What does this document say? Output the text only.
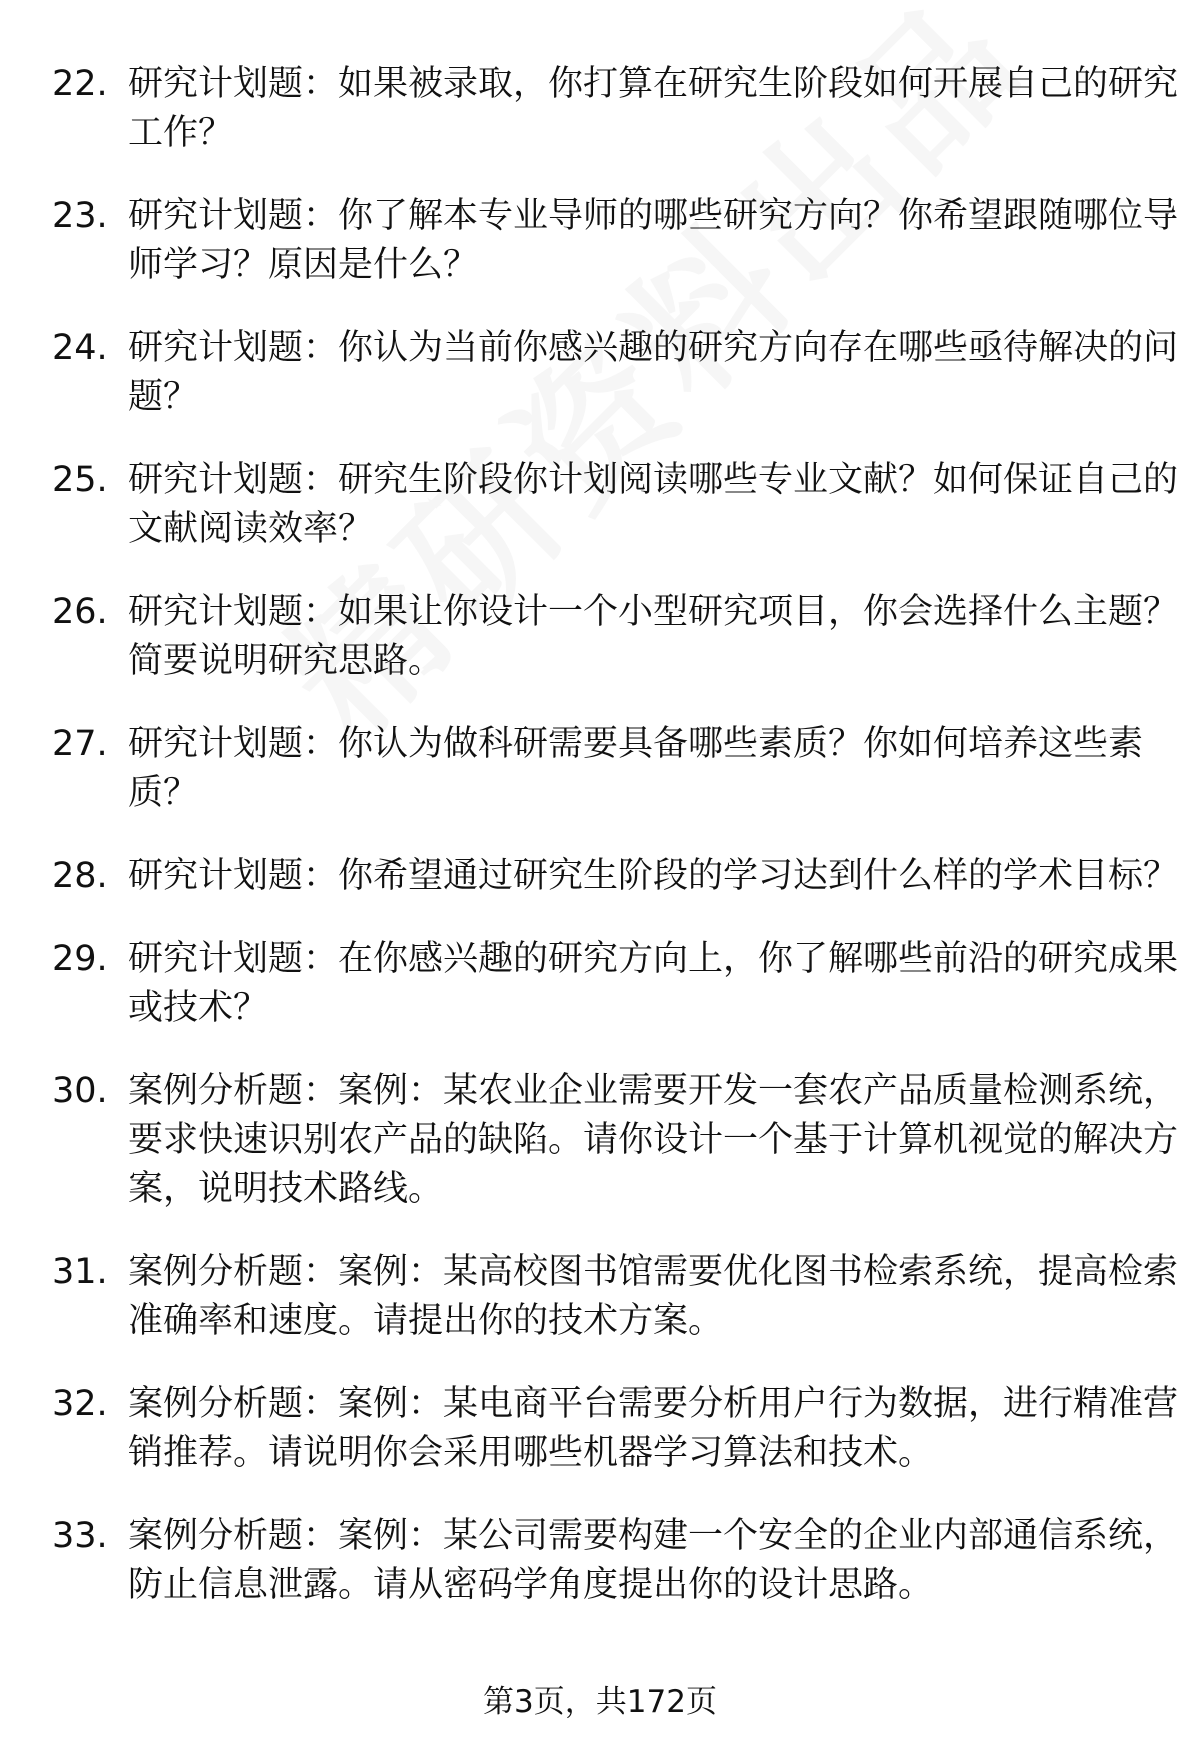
22. 研究计划题：如果被录取，你打算在研究生阶段如何开展自己的研究工作？
23. 研究计划题：你了解本专业导师的哪些研究方向？你希望跟随哪位导师学习？原因是什么？
24. 研究计划题：你认为当前你感兴趣的研究方向存在哪些亟待解决的问题？
25. 研究计划题：研究生阶段你计划阅读哪些专业文献？如何保证自己的文献阅读效率？
26. 研究计划题：如果让你设计一个小型研究项目，你会选择什么主题？简要说明研究思路。
27. 研究计划题：你认为做科研需要具备哪些素质？你如何培养这些素质？
28. 研究计划题：你希望通过研究生阶段的学习达到什么样的学术目标？
29. 研究计划题：在你感兴趣的研究方向上，你了解哪些前沿的研究成果或技术？
30. 案例分析题：案例：某农业企业需要开发一套农产品质量检测系统，要求快速识别农产品的缺陷。请你设计一个基于计算机视觉的解决方案，说明技术路线。
31. 案例分析题：案例：某高校图书馆需要优化图书检索系统，提高检索准确率和速度。请提出你的技术方案。
32. 案例分析题：案例：某电商平台需要分析用户行为数据，进行精准营销推荐。请说明你会采用哪些机器学习算法和技术。
33. 案例分析题：案例：某公司需要构建一个安全的企业内部通信系统，防止信息泄露。请从密码学角度提出你的设计思路。
第3页，共172页
